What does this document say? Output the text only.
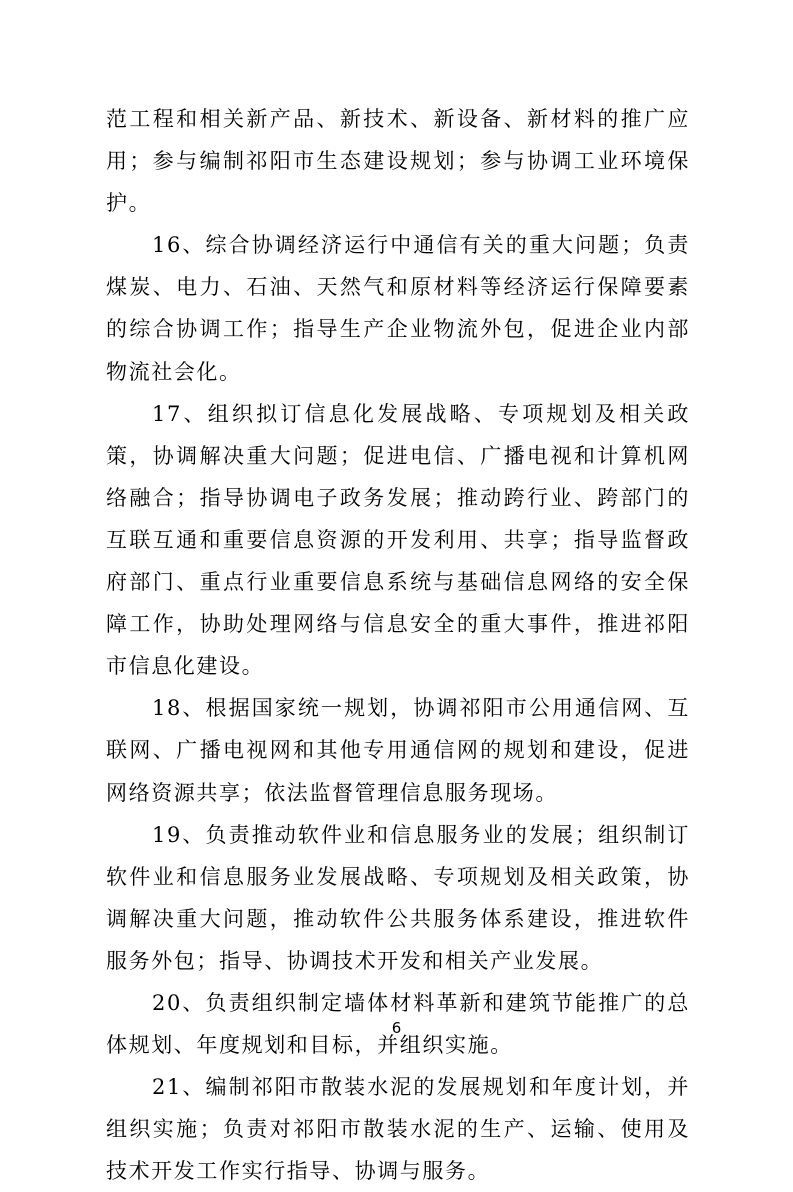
范工程和相关新产品、新技术、新设备、新材料的推广应用；参与编制祁阳市生态建设规划；参与协调工业环境保护。

16、综合协调经济运行中通信有关的重大问题；负责煤炭、电力、石油、天然气和原材料等经济运行保障要素的综合协调工作；指导生产企业物流外包，促进企业内部物流社会化。

17、组织拟订信息化发展战略、专项规划及相关政策，协调解决重大问题；促进电信、广播电视和计算机网络融合；指导协调电子政务发展；推动跨行业、跨部门的互联互通和重要信息资源的开发利用、共享；指导监督政府部门、重点行业重要信息系统与基础信息网络的安全保障工作，协助处理网络与信息安全的重大事件，推进祁阳市信息化建设。

18、根据国家统一规划，协调祁阳市公用通信网、互联网、广播电视网和其他专用通信网的规划和建设，促进网络资源共享；依法监督管理信息服务现场。

19、负责推动软件业和信息服务业的发展；组织制订软件业和信息服务业发展战略、专项规划及相关政策，协调解决重大问题，推动软件公共服务体系建设，推进软件服务外包；指导、协调技术开发和相关产业发展。

20、负责组织制定墙体材料革新和建筑节能推广的总体规划、年度规划和目标，并组织实施。

21、编制祁阳市散装水泥的发展规划和年度计划，并组织实施；负责对祁阳市散装水泥的生产、运输、使用及技术开发工作实行指导、协调与服务。

6
